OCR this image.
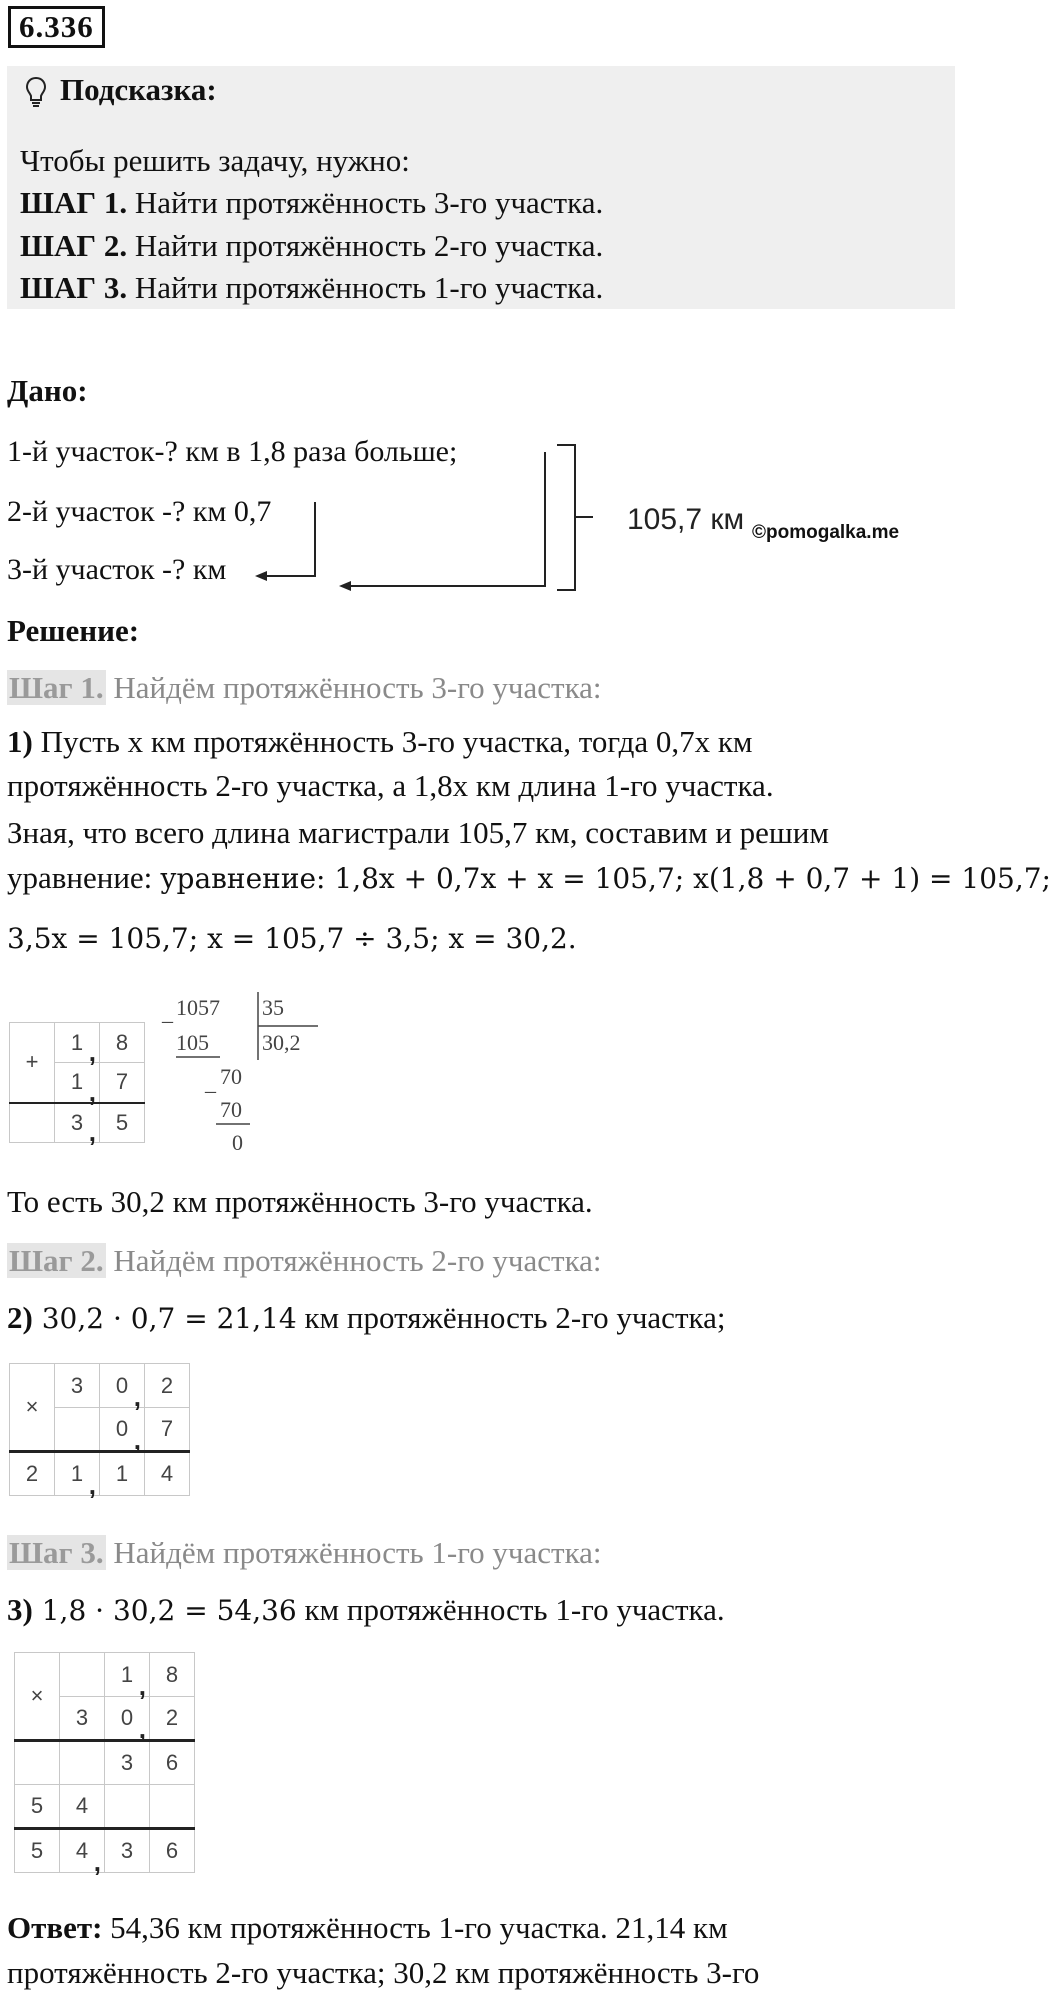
6.336
Подсказка:
Чтобы решить задачу, нужно:
ШАГ 1. Найти протяжённость 3-го участка.
ШАГ 2. Найти протяжённость 2-го участка.
ШАГ 3. Найти протяжённость 1-го участка.
Дано:
1-й участок-? км в 1,8 раза больше;
2-й участок -? км 0,7
3-й участок -? км
105,7 км ©pomogalka.me
Решение:
Шаг 1. Найдём протяжённость 3-го участка:
1) Пусть х км протяжённость 3-го участка, тогда 0,7х км
протяжённость 2-го участка, а 1,8х км длина 1-го участка.
Зная, что всего длина магистрали 105,7 км, составим и решим
уравнение: уравнение: 1,8x + 0,7x + x = 105,7; x(1,8 + 0,7 + 1) = 105,7;
3,5x = 105,7; x = 105,7 ÷ 3,5; x = 30,2.
+	1 ,	8
	1 ,	7
	3 ,	5
_ 1057 35
105 30,2
_ 70
70
0
То есть 30,2 км протяжённость 3-го участка.
Шаг 2. Найдём протяжённость 2-го участка:
2) 30,2 · 0,7 = 21,14 км протяжённость 2-го участка;
×	3	0 ,	2
		0 ,	7
2	1 ,	1	4
Шаг 3. Найдём протяжённость 1-го участка:
3) 1,8 · 30,2 = 54,36 км протяжённость 1-го участка.
×		1 ,	8
	3	0 ,	2
		3	6
5	4		
5	4 ,	3	6
Ответ: 54,36 км протяжённость 1-го участка. 21,14 км
протяжённость 2-го участка; 30,2 км протяжённость 3-го
